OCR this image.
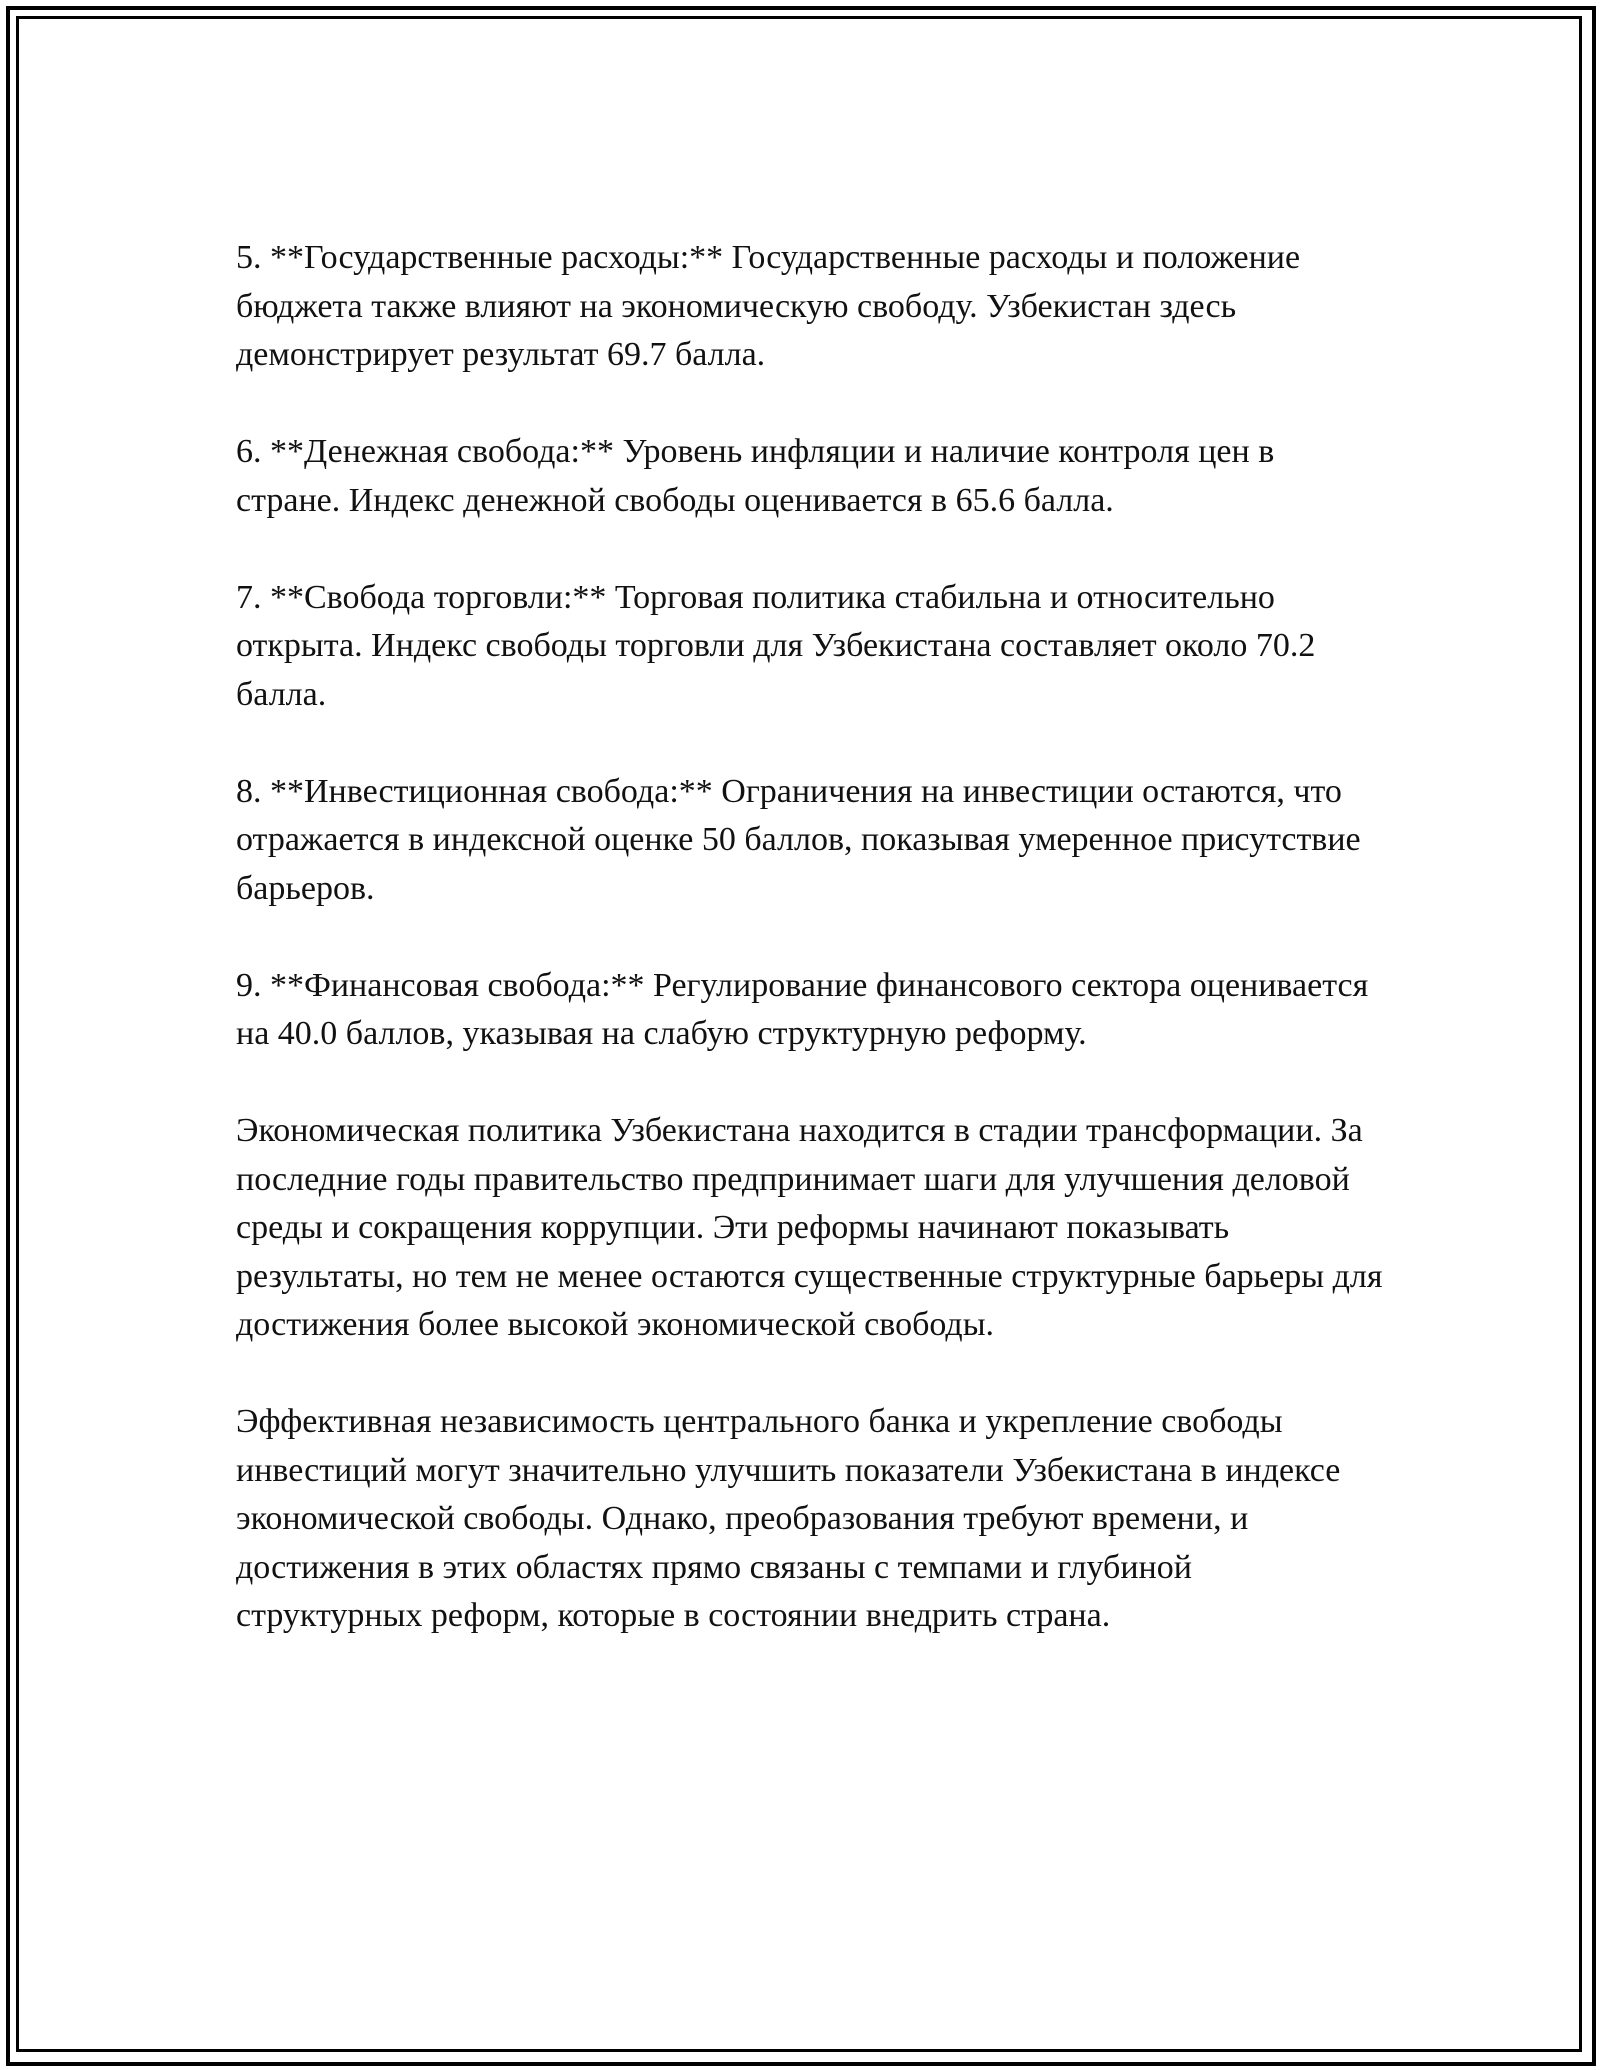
5. **Государственные расходы:** Государственные расходы и положение бюджета также влияют на экономическую свободу. Узбекистан здесь демонстрирует результат 69.7 балла.

6. **Денежная свобода:** Уровень инфляции и наличие контроля цен в стране. Индекс денежной свободы оценивается в 65.6 балла.

7. **Свобода торговли:** Торговая политика стабильна и относительно открыта. Индекс свободы торговли для Узбекистана составляет около 70.2 балла.

8. **Инвестиционная свобода:** Ограничения на инвестиции остаются, что отражается в индексной оценке 50 баллов, показывая умеренное присутствие барьеров.

9. **Финансовая свобода:** Регулирование финансового сектора оценивается на 40.0 баллов, указывая на слабую структурную реформу.

Экономическая политика Узбекистана находится в стадии трансформации. За последние годы правительство предпринимает шаги для улучшения деловой среды и сокращения коррупции. Эти реформы начинают показывать результаты, но тем не менее остаются существенные структурные барьеры для достижения более высокой экономической свободы.

Эффективная независимость центрального банка и укрепление свободы инвестиций могут значительно улучшить показатели Узбекистана в индексе экономической свободы. Однако, преобразования требуют времени, и достижения в этих областях прямо связаны с темпами и глубиной структурных реформ, которые в состоянии внедрить страна.
